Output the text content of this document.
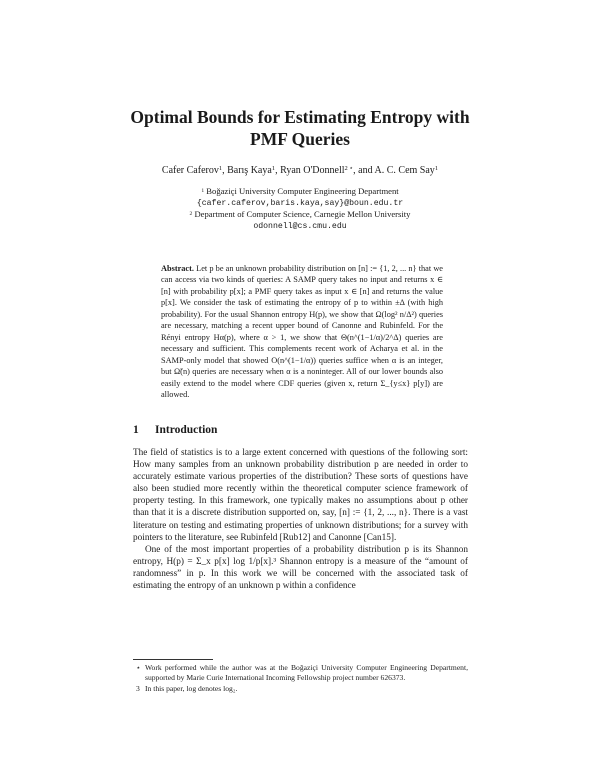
Optimal Bounds for Estimating Entropy with
PMF Queries
Cafer Caferov$^1$, Barış Kaya$^1$, Ryan O'Donnell$^{2 ⋆}$, and A. C. Cem Say$^1$
$^1$ Boğaziçi University Computer Engineering Department
{cafer.caferov,baris.kaya,say}@boun.edu.tr
$^2$ Department of Computer Science, Carnegie Mellon University
odonnell@cs.cmu.edu

Abstract. Let p be an unknown probability distribution on [n] := {1, 2, ... n} that we can access via two kinds of queries: A SAMP query takes no input and returns x ∈ [n] with probability p[x]; a PMF query takes as input x ∈ [n] and returns the value p[x]. We consider the task of estimating the entropy of p to within ±Δ (with high probability). For the usual Shannon entropy H(p), we show that Ω(log² n/Δ²) queries are necessary, matching a recent upper bound of Canonne and Rubinfeld. For the Rényi entropy Hα(p), where α > 1, we show that Θ(n^(1−1/α)/2^Δ) queries are necessary and sufficient. This complements recent work of Acharya et al. in the SAMP-only model that showed O(n^(1−1/α)) queries suffice when α is an integer, but Ω̃(n) queries are necessary when α is a noninteger. All of our lower bounds also easily extend to the model where CDF queries (given x, return Σ_{y≤x} p[y]) are allowed.

1 Introduction

The field of statistics is to a large extent concerned with questions of the following sort: How many samples from an unknown probability distribution p are needed in order to accurately estimate various properties of the distribution? These sorts of questions have also been studied more recently within the theoretical computer science framework of property testing. In this framework, one typically makes no assumptions about p other than that it is a discrete distribution supported on, say, [n] := {1, 2, ..., n}. There is a vast literature on testing and estimating properties of unknown distributions; for a survey with pointers to the literature, see Rubinfeld [Rub12] and Canonne [Can15].

One of the most important properties of a probability distribution p is its Shannon entropy, H(p) = Σ_x p[x] log 1/p[x].³ Shannon entropy is a measure of the “amount of randomness” in p. In this work we will be concerned with the associated task of estimating the entropy of an unknown p within a confidence

⋆ Work performed while the author was at the Boğaziçi University Computer Engineering Department, supported by Marie Curie International Incoming Fellowship project number 626373.

3 In this paper, log denotes log₂.
